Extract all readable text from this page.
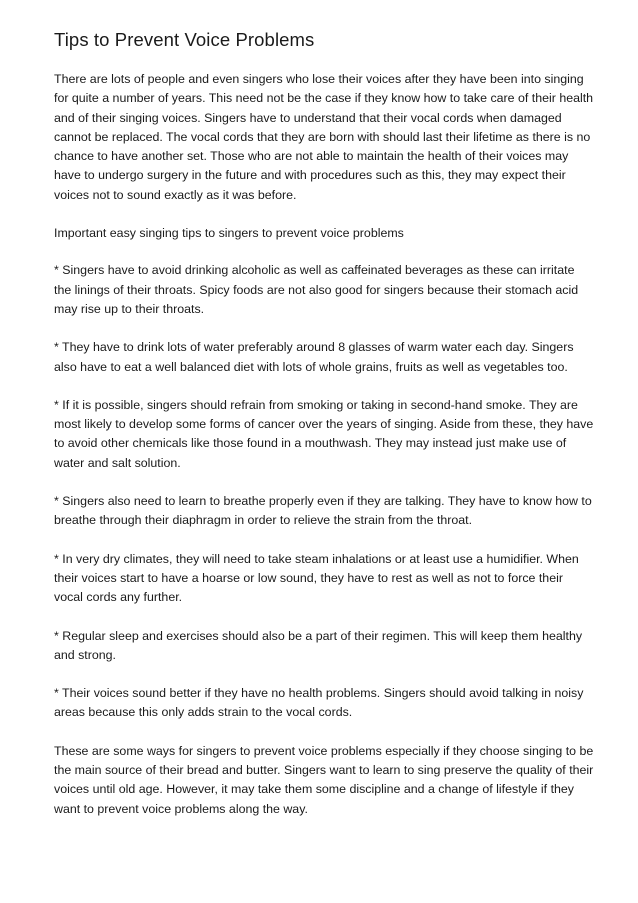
Tips to Prevent Voice Problems

There are lots of people and even singers who lose their voices after they have been into singing for quite a number of years. This need not be the case if they know how to take care of their health and of their singing voices. Singers have to understand that their vocal cords when damaged cannot be replaced. The vocal cords that they are born with should last their lifetime as there is no chance to have another set. Those who are not able to maintain the health of their voices may have to undergo surgery in the future and with procedures such as this, they may expect their voices not to sound exactly as it was before.

Important easy singing tips to singers to prevent voice problems

* Singers have to avoid drinking alcoholic as well as caffeinated beverages as these can irritate the linings of their throats. Spicy foods are not also good for singers because their stomach acid may rise up to their throats.

* They have to drink lots of water preferably around 8 glasses of warm water each day. Singers also have to eat a well balanced diet with lots of whole grains, fruits as well as vegetables too.

* If it is possible, singers should refrain from smoking or taking in second-hand smoke. They are most likely to develop some forms of cancer over the years of singing. Aside from these, they have to avoid other chemicals like those found in a mouthwash. They may instead just make use of water and salt solution.

* Singers also need to learn to breathe properly even if they are talking. They have to know how to breathe through their diaphragm in order to relieve the strain from the throat.

* In very dry climates, they will need to take steam inhalations or at least use a humidifier. When their voices start to have a hoarse or low sound, they have to rest as well as not to force their vocal cords any further.

* Regular sleep and exercises should also be a part of their regimen. This will keep them healthy and strong.

* Their voices sound better if they have no health problems. Singers should avoid talking in noisy areas because this only adds strain to the vocal cords.

These are some ways for singers to prevent voice problems especially if they choose singing to be the main source of their bread and butter. Singers want to learn to sing preserve the quality of their voices until old age. However, it may take them some discipline and a change of lifestyle if they want to prevent voice problems along the way.
